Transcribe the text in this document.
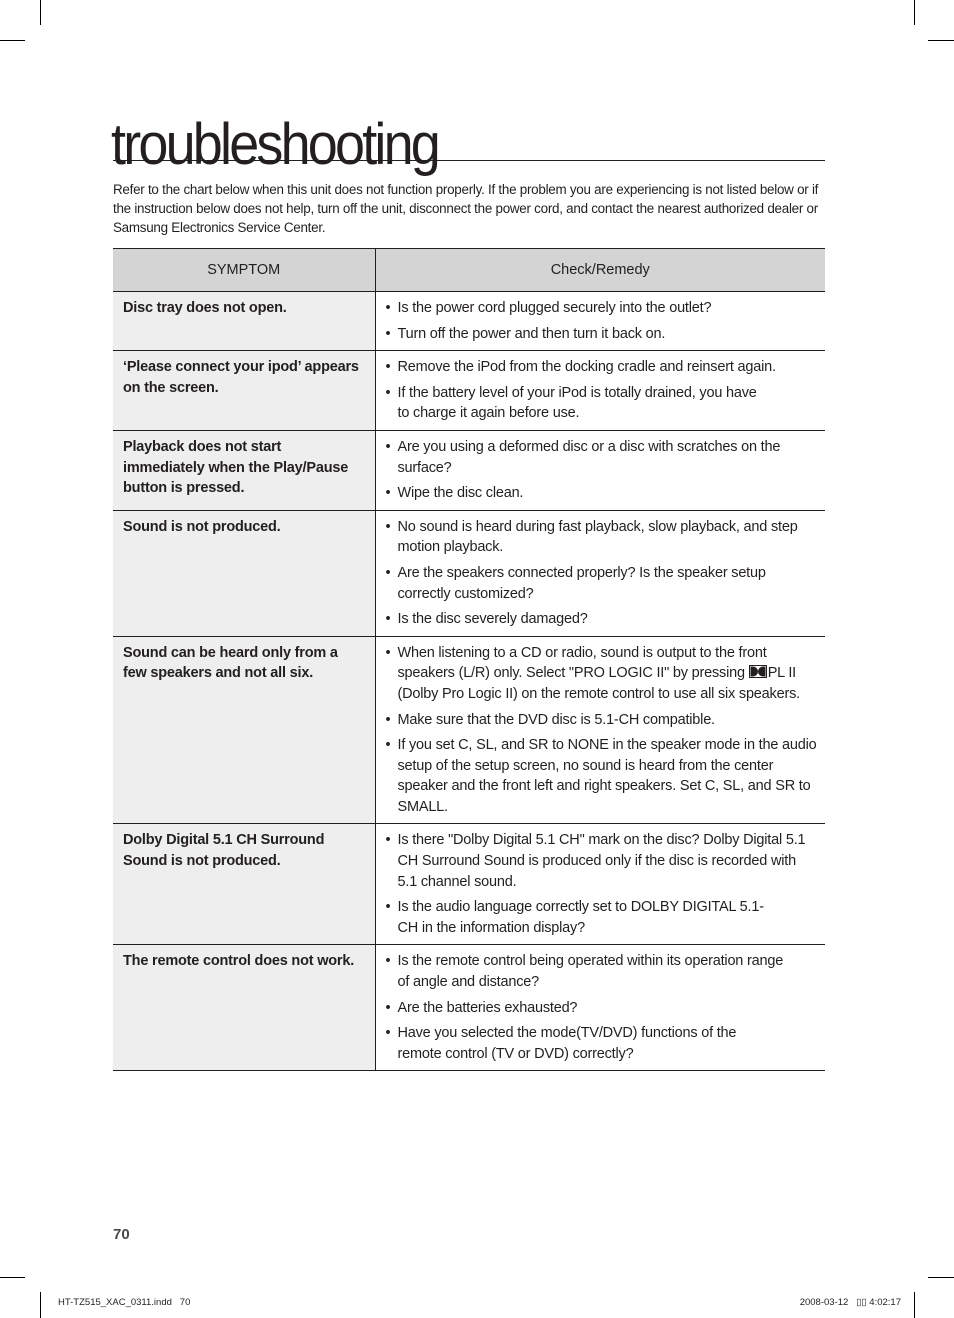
troubleshooting

Refer to the chart below when this unit does not function properly. If the problem you are experiencing is not listed below or if the instruction below does not help, turn off the unit, disconnect the power cord, and contact the nearest authorized dealer or Samsung Electronics Service Center.

SYMPTOM	Check/Remedy
Disc tray does not open.	
•Is the power cord plugged securely into the outlet?
• Turn off the power and then turn it back on.

‘Please connect your ipod’ appears on the screen.	
• Remove the iPod from the docking cradle and reinsert again.
• If the battery level of your iPod is totally drained, you have to charge it again before use.

Playback does not start immediately when the Play/Pause button is pressed.	
• Are you using a deformed disc or a disc with scratches on the surface?
• Wipe the disc clean.

Sound is not produced.	
•No sound is heard during fast playback, slow playback, and step motion playback.
• Are the speakers connected properly? Is the speaker setup correctly customized?
• Is the disc severely damaged?

Sound can be heard only from a few speakers and not all six.	
• When listening to a CD or radio, sound is output to the front speakers (L/R) only. Select "PRO LOGIC II" by pressing PL II (Dolby Pro Logic II) on the remote control to use all six speakers.
• Make sure that the DVD disc is 5.1-CH compatible.
• If you set C, SL, and SR to NONE in the speaker mode in the audio setup of the setup screen, no sound is heard from the center speaker and the front left and right speakers. Set C, SL, and SR to SMALL.

Dolby Digital 5.1 CH Surround Sound is not produced.	
• Is there "Dolby Digital 5.1 CH" mark on the disc? Dolby Digital 5.1 CH Surround Sound is produced only if the disc is recorded with 5.1 channel sound.
• Is the audio language correctly set to DOLBY DIGITAL 5.1-CH in the information display?

The remote control does not work.	
•Is the remote control being operated within its operation range of angle and distance?
• Are the batteries exhausted?
• Have you selected the mode(TV/DVD) functions of the remote control (TV or DVD) correctly?
70
HT-TZ515_XAC_0311.indd   70	2008-03-12   ▯▯ 4:02:17
